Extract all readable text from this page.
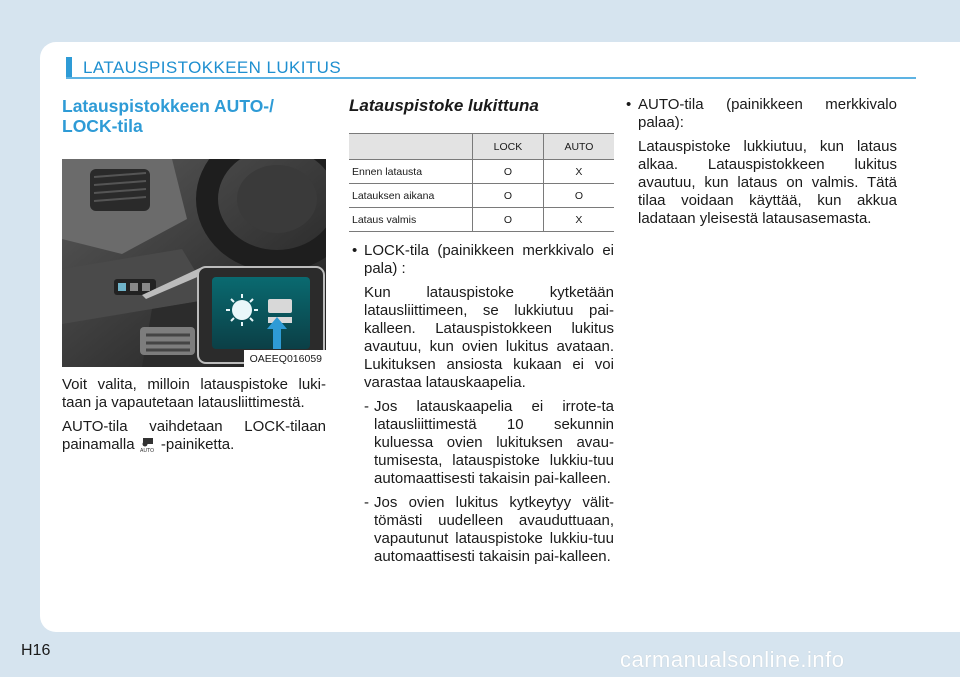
LATAUSPISTOKKEEN LUKITUS
Latauspistokkeen AUTO-/ LOCK-tila
OAEEQ016059

Voit valita, milloin latauspistoke luki-taan ja vapautetaan latausliittimestä.

AUTO-tila vaihdetaan LOCK-tilaan painamalla AUTO -painiketta.

Latauspistoke lukittuna
	LOCK	AUTO
Ennen latausta	O	X
Latauksen aikana	O	O
Lataus valmis	O	X

• LOCK-tila (painikkeen merkkivalo ei pala) :

Kun latauspistoke kytketään latausliittimeen, se lukkiutuu pai-kalleen. Latauspistokkeen lukitus avautuu, kun ovien lukitus avataan. Lukituksen ansiosta kukaan ei voi varastaa latauskaapelia.

- Jos latauskaapelia ei irrote-ta latausliittimestä 10 sekunnin kuluessa ovien lukituksen avau-tumisesta, latauspistoke lukkiu-tuu automaattisesti takaisin pai-kalleen.

- Jos ovien lukitus kytkeytyy välit-tömästi uudelleen avauduttuaan, vapautunut latauspistoke lukkiu-tuu automaattisesti takaisin pai-kalleen.

• AUTO-tila (painikkeen merkkivalo palaa):

Latauspistoke lukkiutuu, kun lataus alkaa. Latauspistokkeen lukitus avautuu, kun lataus on valmis. Tätä tilaa voidaan käyttää, kun akkua ladataan yleisestä latausasemasta.

H16	carmanualsonline.info
